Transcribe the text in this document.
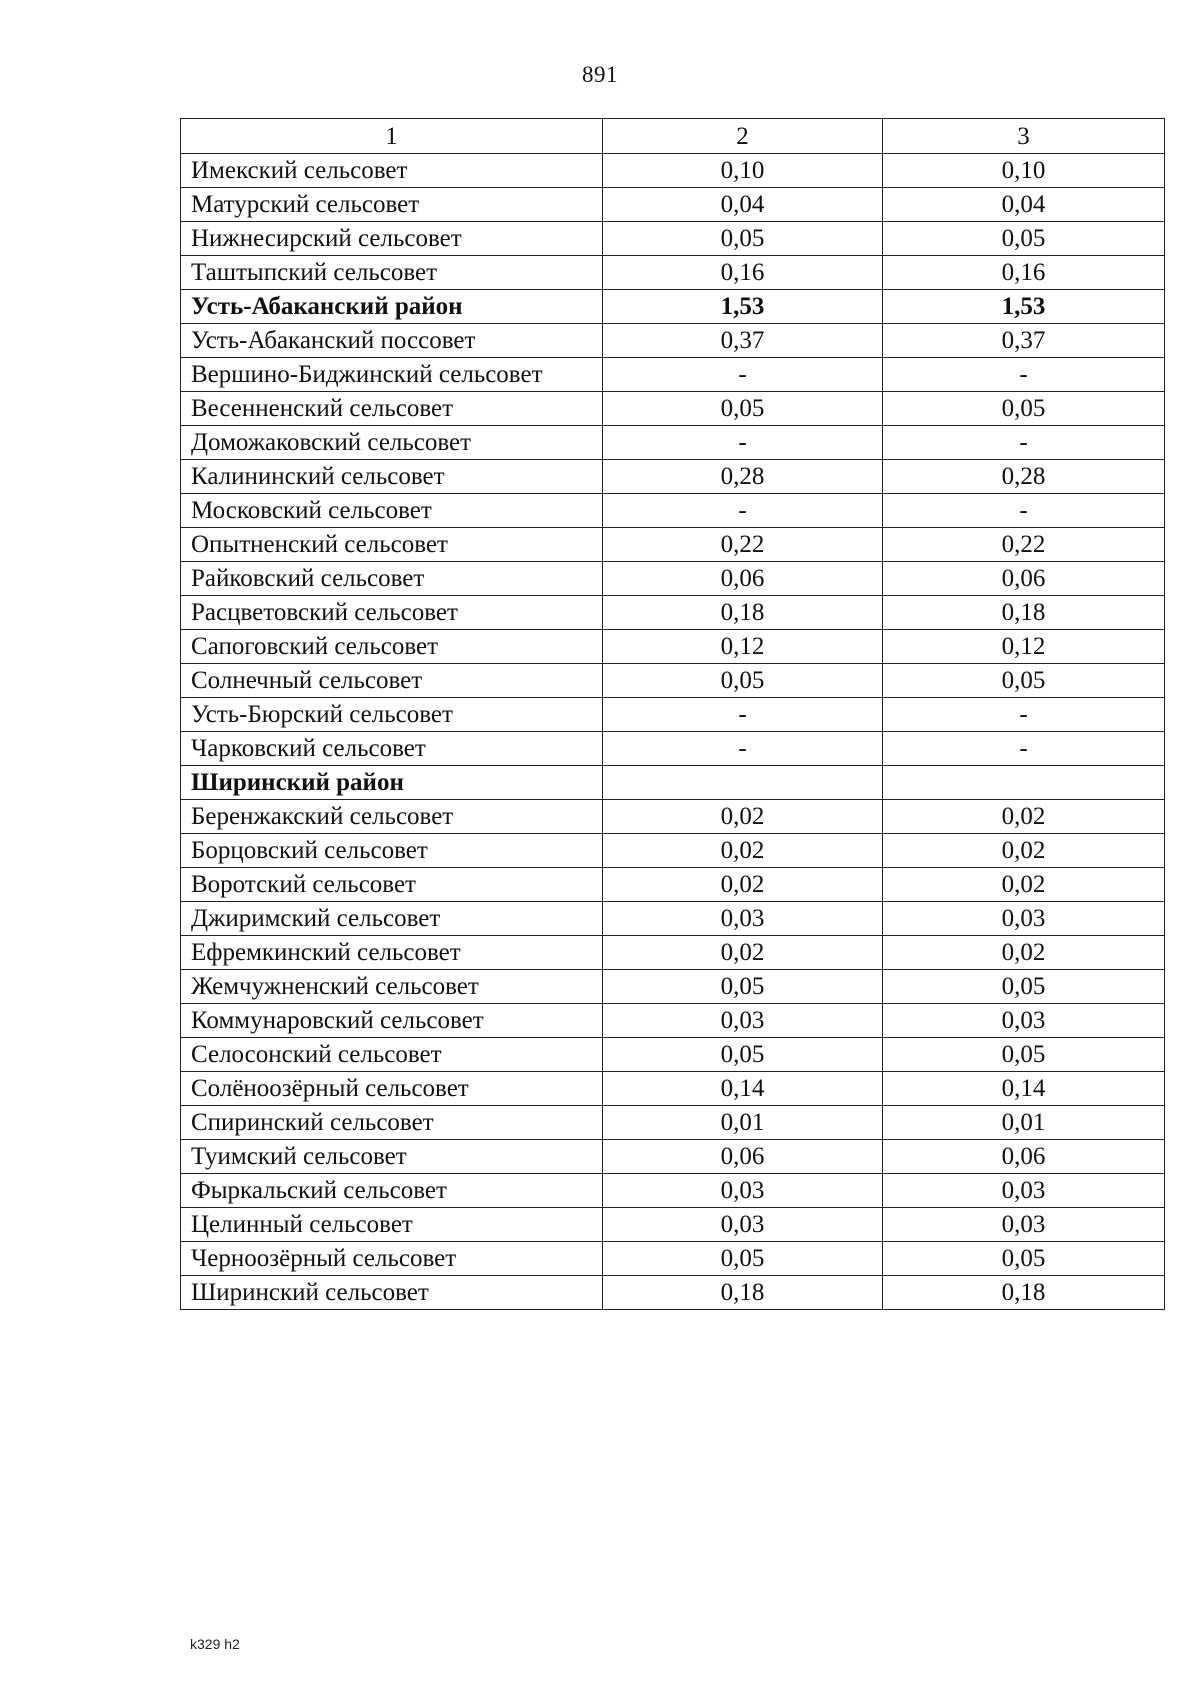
891
1	2	3
Имекский сельсовет	0,10	0,10
Матурский сельсовет	0,04	0,04
Нижнесирский сельсовет	0,05	0,05
Таштыпский сельсовет	0,16	0,16
Усть-Абаканский район	1,53	1,53
Усть-Абаканский поссовет	0,37	0,37
Вершино-Биджинский сельсовет	-	-
Весенненский сельсовет	0,05	0,05
Доможаковский сельсовет	-	-
Калининский сельсовет	0,28	0,28
Московский сельсовет	-	-
Опытненский сельсовет	0,22	0,22
Райковский сельсовет	0,06	0,06
Расцветовский сельсовет	0,18	0,18
Сапоговский сельсовет	0,12	0,12
Солнечный сельсовет	0,05	0,05
Усть-Бюрский сельсовет	-	-
Чарковский сельсовет	-	-
Ширинский район		
Беренжакский сельсовет	0,02	0,02
Борцовский сельсовет	0,02	0,02
Воротский сельсовет	0,02	0,02
Джиримский сельсовет	0,03	0,03
Ефремкинский сельсовет	0,02	0,02
Жемчужненский сельсовет	0,05	0,05
Коммунаровский сельсовет	0,03	0,03
Селосонский сельсовет	0,05	0,05
Солёноозёрный сельсовет	0,14	0,14
Спиринский сельсовет	0,01	0,01
Туимский сельсовет	0,06	0,06
Фыркальский сельсовет	0,03	0,03
Целинный сельсовет	0,03	0,03
Черноозёрный сельсовет	0,05	0,05
Ширинский сельсовет	0,18	0,18
k329 h2
